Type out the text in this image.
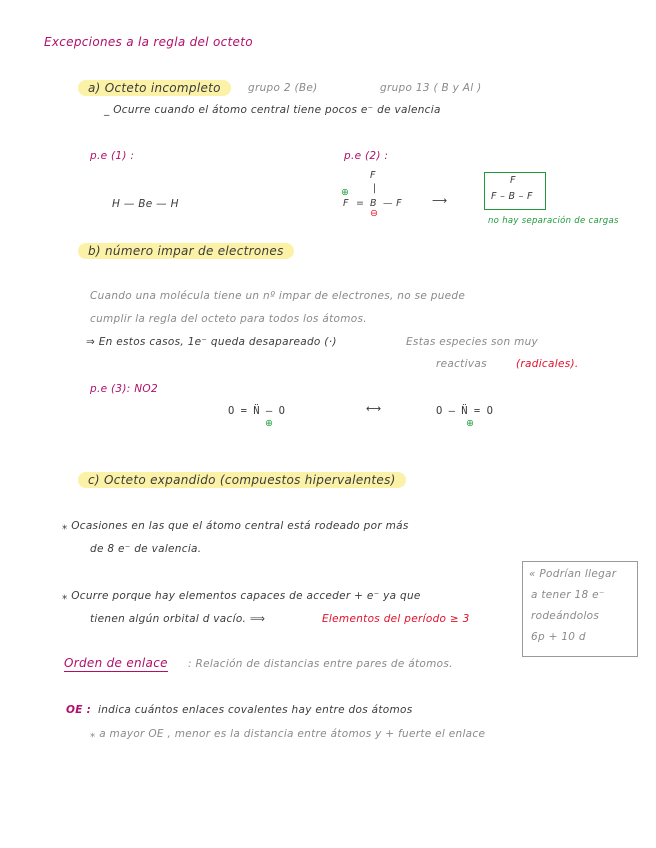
Excepciones a la regla del octeto
a) Octeto incompleto	grupo 2 (Be)	grupo 13 ( B y Al )
_ Ocurre cuando el átomo central tiene pocos e⁻ de valencia
p.e (1) :	p.e (2) :
H — Be — H
F
|
⊕
F = B — F
⊖
⟶
F
F – B – F
no hay separación de cargas
b) número impar de electrones
Cuando una molécula tiene un nº impar de electrones, no se puede
cumplir la regla del octeto para todos los átomos.
⇒ En estos casos, 1e⁻ queda desapareado (·)	Estas especies son muy
reactivas	(radicales).
p.e (3): NO2
O = N̈ — O
⊕
⟷	O — N̈ = O
⊕
c) Octeto expandido (compuestos hipervalentes)
⁎ Ocasiones en las que el átomo central está rodeado por más
de 8 e⁻ de valencia.
⁎ Ocurre porque hay elementos capaces de acceder + e⁻ ya que
tienen algún orbital d vacío. ⟹	Elementos del período ≥ 3
« Podrían llegar
a tener 18 e⁻
rodeándolos
6p + 10 d
Orden de enlace : Relación de distancias entre pares de átomos.
OE : indica cuántos enlaces covalentes hay entre dos átomos
⁎ a mayor OE , menor es la distancia entre átomos y + fuerte el enlace
